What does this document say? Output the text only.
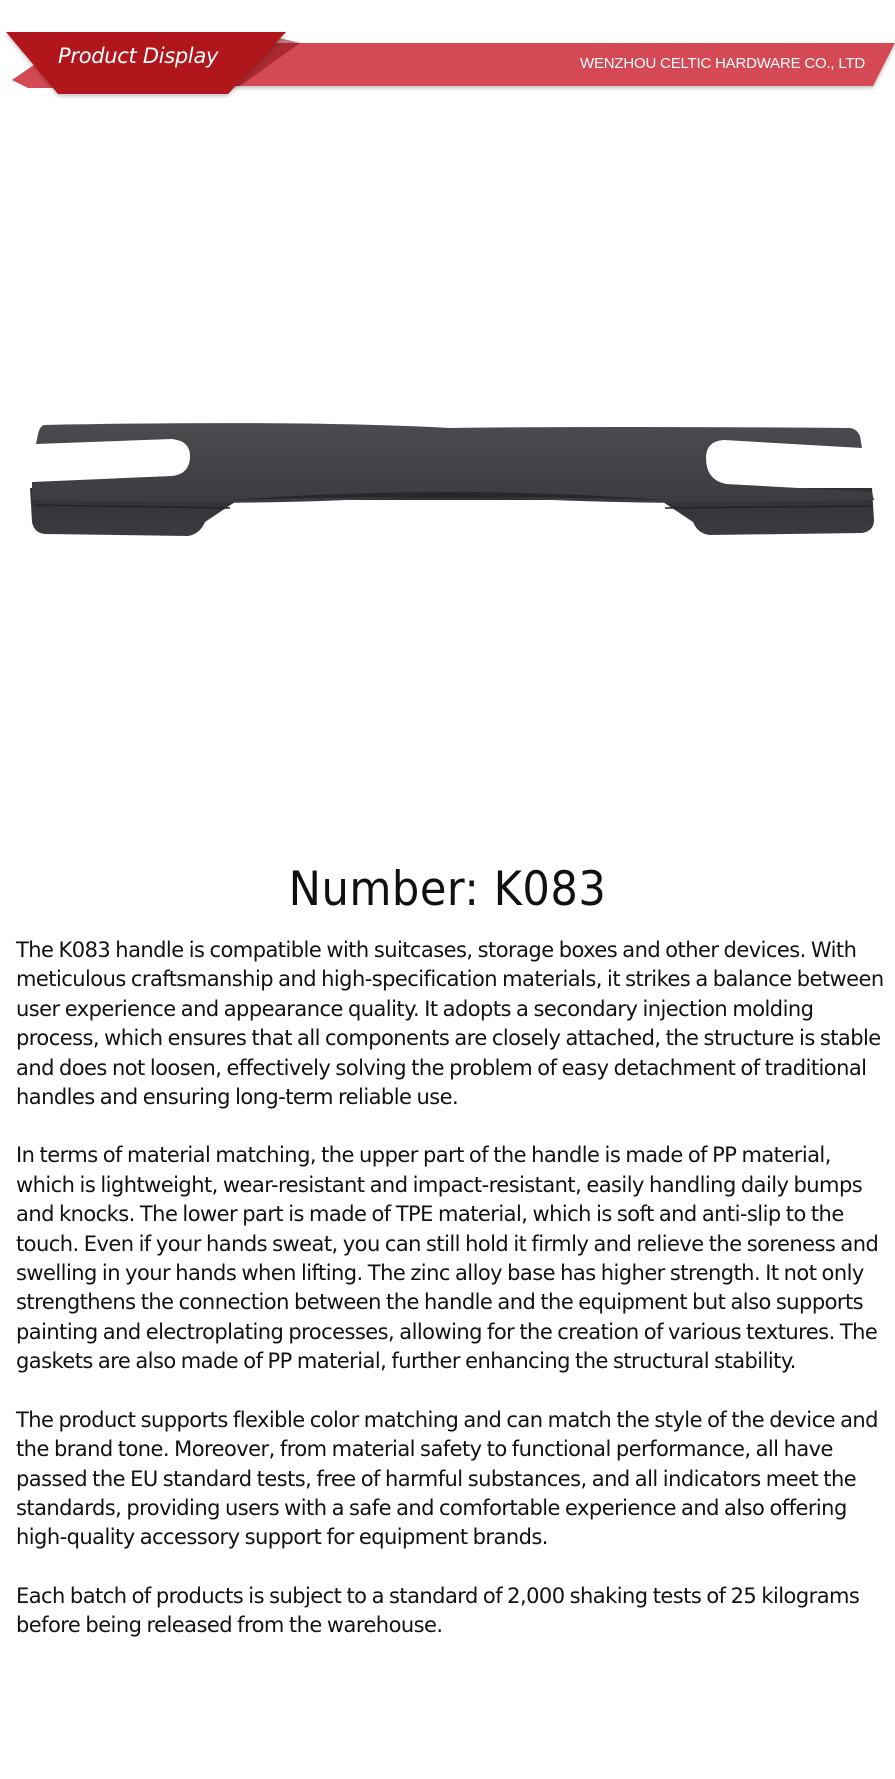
Product Display	WENZHOU CELTIC HARDWARE CO., LTD
Number: K083

The K083 handle is compatible with suitcases, storage boxes and other devices. With meticulous craftsmanship and high-specification materials, it strikes a balance between user experience and appearance quality. It adopts a secondary injection molding process, which ensures that all components are closely attached, the structure is stable and does not loosen, effectively solving the problem of easy detachment of traditional handles and ensuring long-term reliable use.

In terms of material matching, the upper part of the handle is made of PP material, which is lightweight, wear-resistant and impact-resistant, easily handling daily bumps and knocks. The lower part is made of TPE material, which is soft and anti-slip to the touch. Even if your hands sweat, you can still hold it firmly and relieve the soreness and swelling in your hands when lifting. The zinc alloy base has higher strength. It not only strengthens the connection between the handle and the equipment but also supports painting and electroplating processes, allowing for the creation of various textures. The gaskets are also made of PP material, further enhancing the structural stability.

The product supports flexible color matching and can match the style of the device and the brand tone. Moreover, from material safety to functional performance, all have passed the EU standard tests, free of harmful substances, and all indicators meet the standards, providing users with a safe and comfortable experience and also offering high-quality accessory support for equipment brands.

Each batch of products is subject to a standard of 2,000 shaking tests of 25 kilograms before being released from the warehouse.
